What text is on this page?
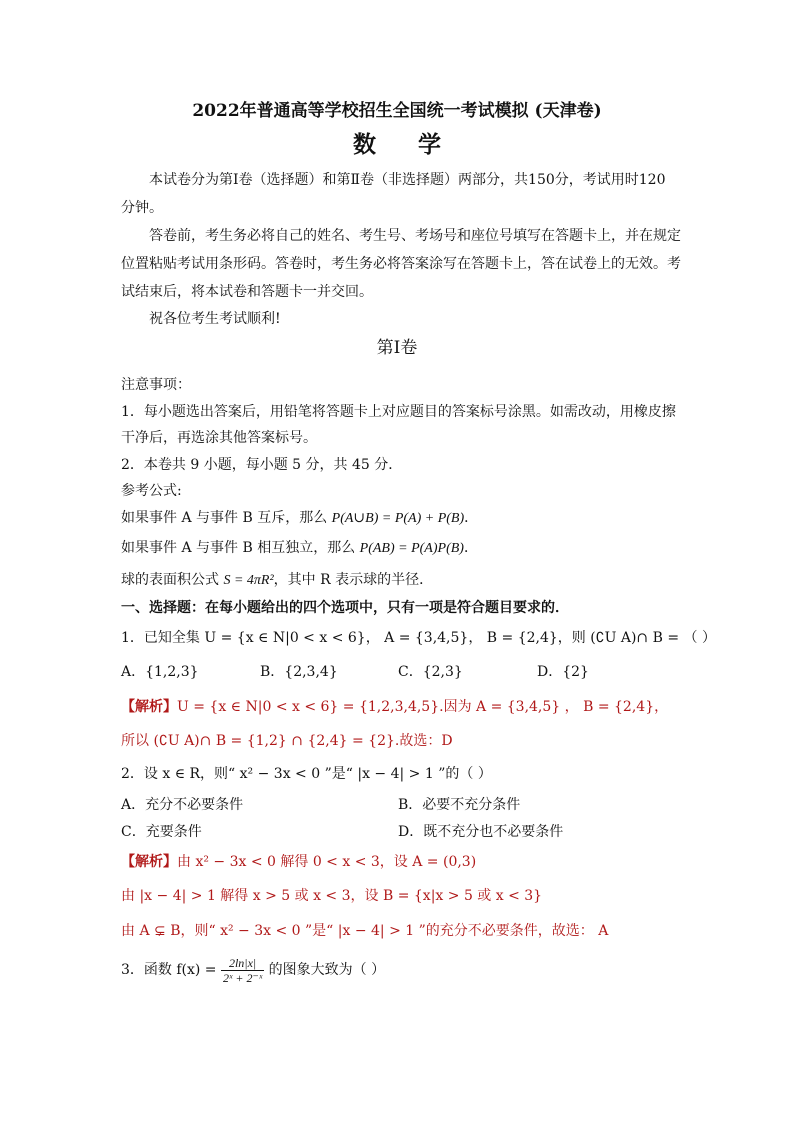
2022年普通高等学校招生全国统一考试模拟 (天津卷)
数学
本试卷分为第Ⅰ卷（选择题）和第Ⅱ卷（非选择题）两部分，共150分，考试用时120
分钟。
答卷前，考生务必将自己的姓名、考生号、考场号和座位号填写在答题卡上，并在规定
位置粘贴考试用条形码。答卷时，考生务必将答案涂写在答题卡上，答在试卷上的无效。考
试结束后，将本试卷和答题卡一并交回。
祝各位考生考试顺利!
第Ⅰ卷
注意事项：
1．每小题选出答案后，用铅笔将答题卡上对应题目的答案标号涂黑。如需改动，用橡皮擦
干净后，再选涂其他答案标号。
2．本卷共 9 小题，每小题 5 分，共 45 分．
参考公式:
如果事件 A 与事件 B 互斥，那么 P(A∪B) = P(A) + P(B)．
如果事件 A 与事件 B 相互独立，那么 P(AB) = P(A)P(B)．
球的表面积公式 S = 4πR²，其中 R 表示球的半径．
一、选择题：在每小题给出的四个选项中，只有一项是符合题目要求的．
1．已知全集 U = {x ∈ N|0 < x < 6}， A = {3,4,5}， B = {2,4}，则 (∁U A)∩ B = （ ）
A．{1,2,3}	B．{2,3,4}	C．{2,3}	D．{2}
【解析】U = {x ∈ N|0 < x < 6} = {1,2,3,4,5}.因为 A = {3,4,5} ， B = {2,4}，
所以 (∁U A)∩ B = {1,2} ∩ {2,4} = {2}.故选：D
2．设 x ∈ R，则“ x² − 3x < 0 ”是“ |x − 4| > 1 ”的（ ）
A．充分不必要条件	B．必要不充分条件
C．充要条件	D．既不充分也不必要条件
【解析】由 x² − 3x < 0 解得 0 < x < 3，设 A = (0,3)
由 |x − 4| > 1 解得 x > 5 或 x < 3，设 B = {x|x > 5 或 x < 3}
由 A ⊊ B，则“ x² − 3x < 0 ”是“ |x − 4| > 1 ”的充分不必要条件，故选： A
3．函数 $f(x) = \frac{2\ln|x|}{\text{2ˣ + 2⁻ˣ}}$ 的图象大致为（ ）
